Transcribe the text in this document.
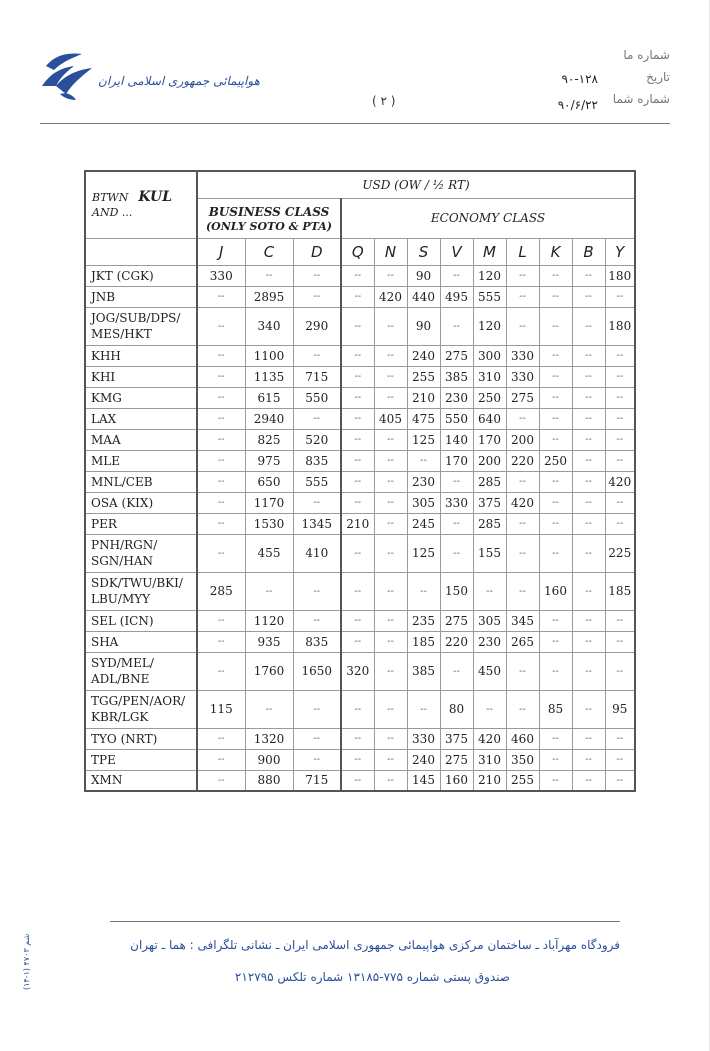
هواپیمائی جمهوری اسلامی ایران
شماره ما
تاریخ
شماره شما
۹۰-۱۲۸
۹۰/۶/۲۲
( ۲ )
BTWN KUL
AND ...	USD (OW / ½ RT)											

	BUSINESS CLASS
(ONLY SOTO & PTA)			ECONOMY CLASS								
	J	C	D	Q	N	S	V	M	L	K	B	Y
JKT (CGK)	330	--	--	--	--	90	--	120	--	--	--	180
JNB	--	2895	--	--	420	440	495	555	--	--	--	--
JOG/SUB/DPS/ MES/HKT	--	340	290	--	--	90	--	120	--	--	--	180
KHH	--	1100	--	--	--	240	275	300	330	--	--	--
KHI	--	1135	715	--	--	255	385	310	330	--	--	--
KMG	--	615	550	--	--	210	230	250	275	--	--	--
LAX	--	2940	--	--	405	475	550	640	--	--	--	--
MAA	--	825	520	--	--	125	140	170	200	--	--	--
MLE	--	975	835	--	--	--	170	200	220	250	--	--
MNL/CEB	--	650	555	--	--	230	--	285	--	--	--	420
OSA (KIX)	--	1170	--	--	--	305	330	375	420	--	--	--
PER	--	1530	1345	210	--	245	--	285	--	--	--	--
PNH/RGN/ SGN/HAN	--	455	410	--	--	125	--	155	--	--	--	225
SDK/TWU/BKI/ LBU/MYY	285	--	--	--	--	--	150	--	--	160	--	185
SEL (ICN)	--	1120	--	--	--	235	275	305	345	--	--	--
SHA	--	935	835	--	--	185	220	230	265	--	--	--
SYD/MEL/ ADL/BNE	--	1760	1650	320	--	385	--	450	--	--	--	--
TGG/PEN/AOR/ KBR/LGK	115	--	--	--	--	--	80	--	--	85	--	95
TYO (NRT)	--	1320	--	--	--	330	375	420	460	--	--	--
TPE	--	900	--	--	--	240	275	310	350	--	--	--
XMN	--	880	715	--	--	145	160	210	255	--	--	--
فرودگاه مهرآباد ـ ساختمان مرکزی هواپیمائی جمهوری اسلامی ایران ـ نشانی تلگرافی : هما ـ تهران
صندوق پستی شماره ۷۷۵-۱۳۱۸۵ شماره تلکس ۲۱۲۷۹۵
(۱۴-۱) ۴۷۰۳ شم
